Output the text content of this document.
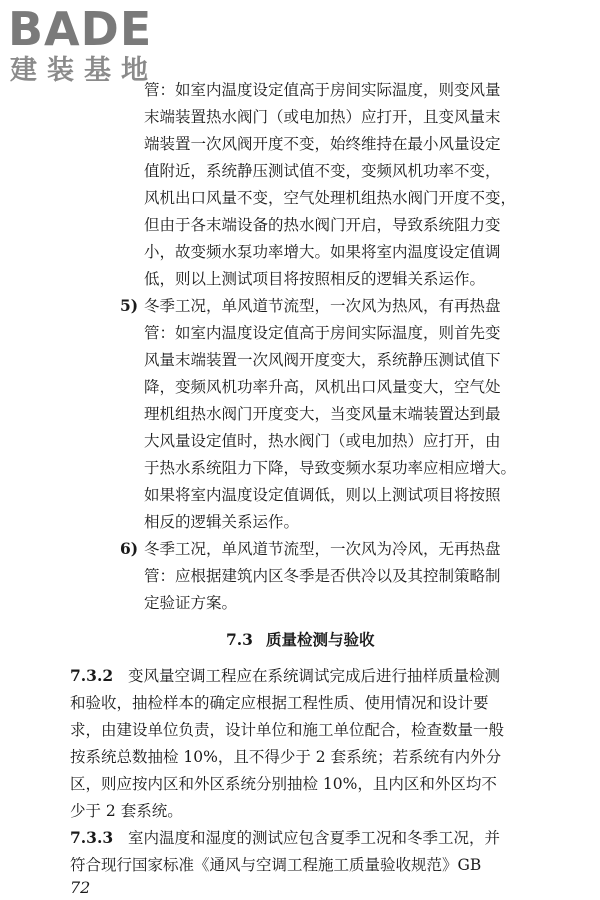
BADE
建装基地
管：如室内温度设定值高于房间实际温度，则变风量
末端装置热水阀门（或电加热）应打开，且变风量末
端装置一次风阀开度不变，始终维持在最小风量设定
值附近，系统静压测试值不变，变频风机功率不变，
风机出口风量不变，空气处理机组热水阀门开度不变，
但由于各末端设备的热水阀门开启，导致系统阻力变
小，故变频水泵功率增大。如果将室内温度设定值调
低，则以上测试项目将按照相反的逻辑关系运作。
5) 冬季工况，单风道节流型，一次风为热风，有再热盘
管：如室内温度设定值高于房间实际温度，则首先变
风量末端装置一次风阀开度变大，系统静压测试值下
降，变频风机功率升高，风机出口风量变大，空气处
理机组热水阀门开度变大，当变风量末端装置达到最
大风量设定值时，热水阀门（或电加热）应打开，由
于热水系统阻力下降，导致变频水泵功率应相应增大。
如果将室内温度设定值调低，则以上测试项目将按照
相反的逻辑关系运作。
6) 冬季工况，单风道节流型，一次风为冷风，无再热盘
管：应根据建筑内区冬季是否供冷以及其控制策略制
定验证方案。
7.3 质量检测与验收
7.3.2 变风量空调工程应在系统调试完成后进行抽样质量检测
和验收，抽检样本的确定应根据工程性质、使用情况和设计要
求，由建设单位负责，设计单位和施工单位配合，检查数量一般
按系统总数抽检 10%，且不得少于 2 套系统；若系统有内外分
区，则应按内区和外区系统分别抽检 10%，且内区和外区均不
少于 2 套系统。
7.3.3 室内温度和湿度的测试应包含夏季工况和冬季工况，并
符合现行国家标准《通风与空调工程施工质量验收规范》GB
72
